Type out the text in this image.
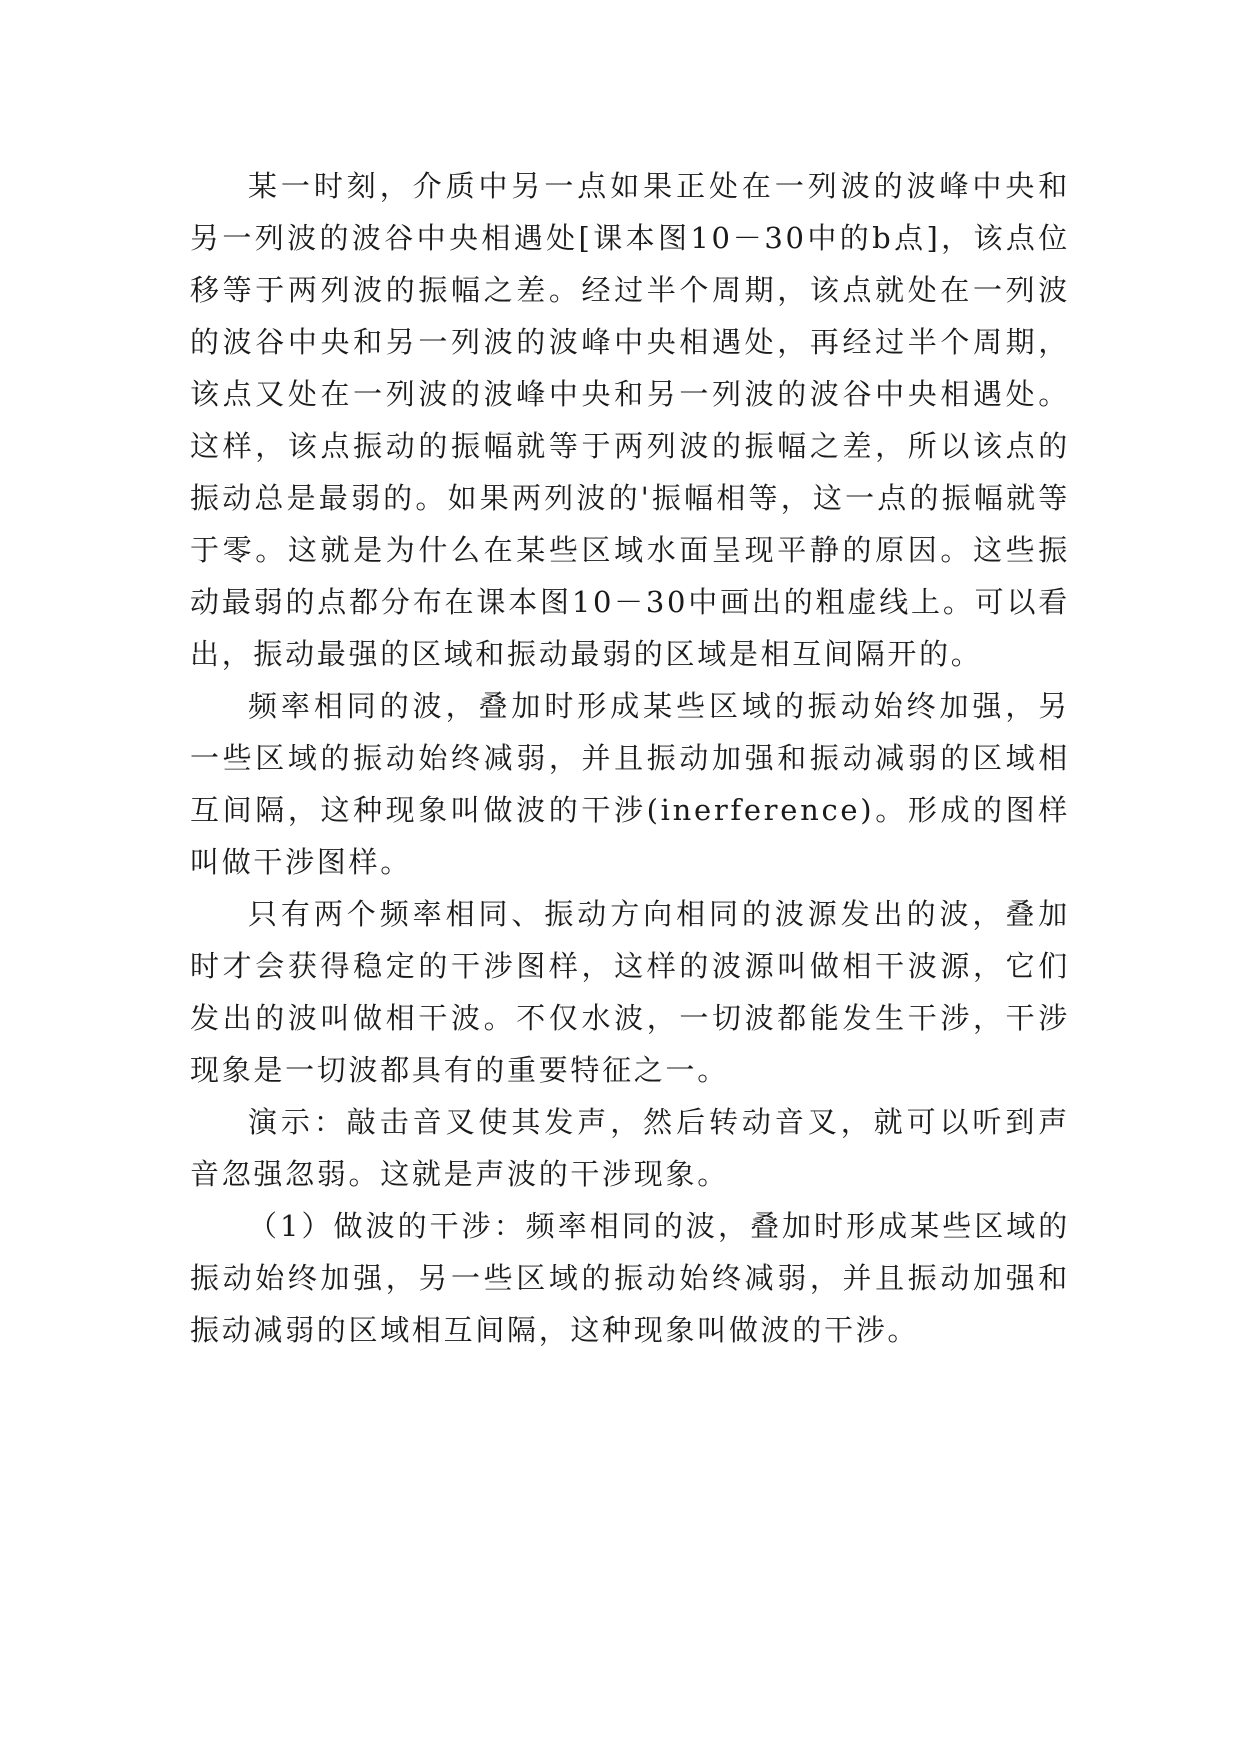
某一时刻，介质中另一点如果正处在一列波的波峰中央和另一列波的波谷中央相遇处[课本图10－30中的b点]，该点位移等于两列波的振幅之差。经过半个周期，该点就处在一列波的波谷中央和另一列波的波峰中央相遇处，再经过半个周期，该点又处在一列波的波峰中央和另一列波的波谷中央相遇处。这样，该点振动的振幅就等于两列波的振幅之差，所以该点的振动总是最弱的。如果两列波的'振幅相等，这一点的振幅就等于零。这就是为什么在某些区域水面呈现平静的原因。这些振动最弱的点都分布在课本图10－30中画出的粗虚线上。可以看出，振动最强的区域和振动最弱的区域是相互间隔开的。

频率相同的波，叠加时形成某些区域的振动始终加强，另一些区域的振动始终减弱，并且振动加强和振动减弱的区域相互间隔，这种现象叫做波的干涉(inerference)。形成的图样叫做干涉图样。

只有两个频率相同、振动方向相同的波源发出的波，叠加时才会获得稳定的干涉图样，这样的波源叫做相干波源，它们发出的波叫做相干波。不仅水波，一切波都能发生干涉，干涉现象是一切波都具有的重要特征之一。

演示：敲击音叉使其发声，然后转动音叉，就可以听到声音忽强忽弱。这就是声波的干涉现象。

（1）做波的干涉：频率相同的波，叠加时形成某些区域的振动始终加强，另一些区域的振动始终减弱，并且振动加强和振动减弱的区域相互间隔，这种现象叫做波的干涉。
